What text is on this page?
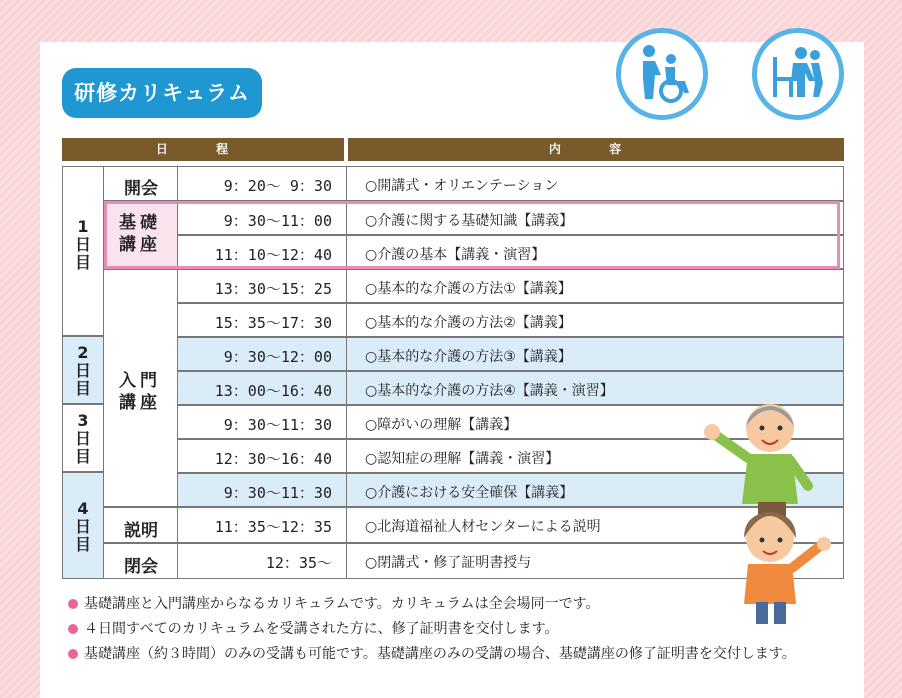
研修カリキュラム
日 程	内 容
9：20～ 9：30 ○開講式・オリエンテーション
9：30～11：00 ○介護に関する基礎知識【講義】
11：10～12：40 ○介護の基本【講義・演習】
13：30～15：25 ○基本的な介護の方法①【講義】
15：35～17：30 ○基本的な介護の方法②【講義】
9：30～12：00 ○基本的な介護の方法③【講義】
13：00～16：40 ○基本的な介護の方法④【講義・演習】
9：30～11：30 ○障がいの理解【講義】
12：30～16：40 ○認知症の理解【講義・演習】
9：30～11：30 ○介護における安全確保【講義】
11：35～12：35 ○北海道福祉人材センターによる説明
12：35～ ○閉講式・修了証明書授与
1日目
2日目
3日目
4日目
開会
基礎講座
入門講座
説明
閉会
基礎講座と入門講座からなるカリキュラムです。カリキュラムは全会場同一です。
４日間すべてのカリキュラムを受講された方に、修了証明書を交付します。
基礎講座（約３時間）のみの受講も可能です。基礎講座のみの受講の場合、基礎講座の修了証明書を交付します。
